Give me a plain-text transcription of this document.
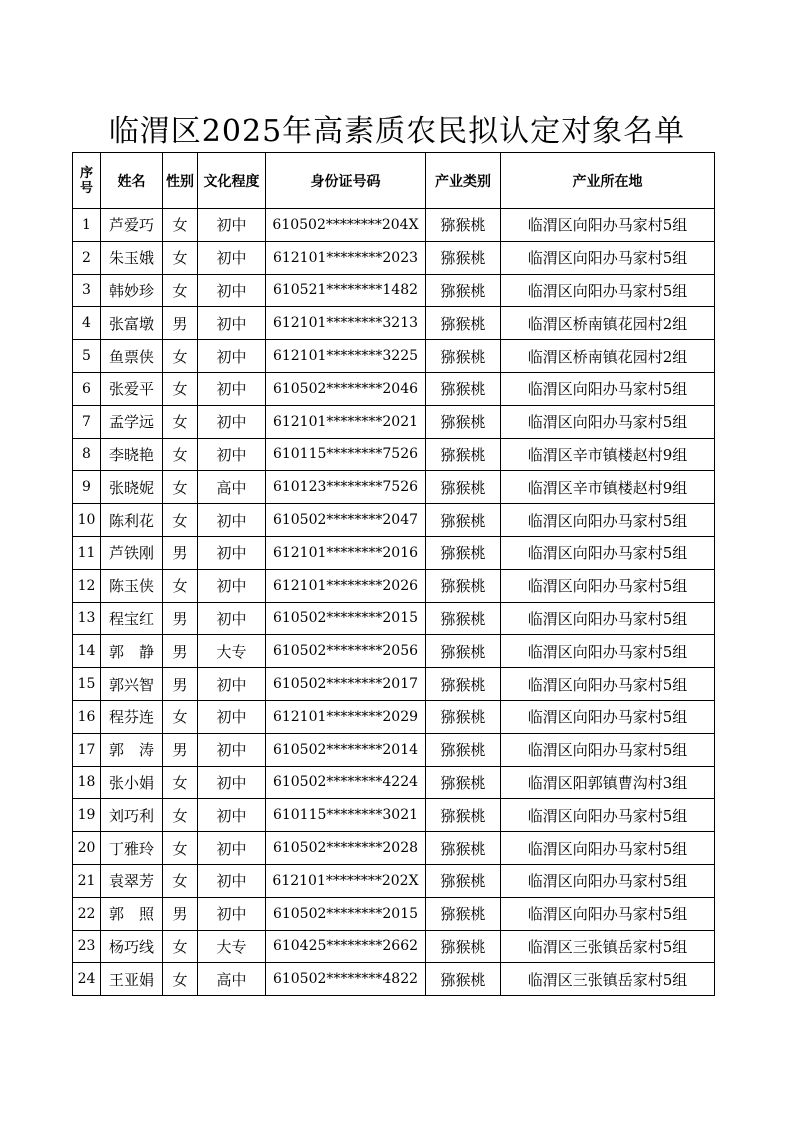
临渭区2025年高素质农民拟认定对象名单
序
号	姓名	性别	文化程度	身份证号码	产业类别	产业所在地
1	芦爱巧	女	初中	610502********204X	猕猴桃	临渭区向阳办马家村5组
2	朱玉娥	女	初中	612101********2023	猕猴桃	临渭区向阳办马家村5组
3	韩妙珍	女	初中	610521********1482	猕猴桃	临渭区向阳办马家村5组
4	张富墩	男	初中	612101********3213	猕猴桃	临渭区桥南镇花园村2组
5	鱼票侠	女	初中	612101********3225	猕猴桃	临渭区桥南镇花园村2组
6	张爱平	女	初中	610502********2046	猕猴桃	临渭区向阳办马家村5组
7	孟学远	女	初中	612101********2021	猕猴桃	临渭区向阳办马家村5组
8	李晓艳	女	初中	610115********7526	猕猴桃	临渭区辛市镇楼赵村9组
9	张晓妮	女	高中	610123********7526	猕猴桃	临渭区辛市镇楼赵村9组
10	陈利花	女	初中	610502********2047	猕猴桃	临渭区向阳办马家村5组
11	芦铁刚	男	初中	612101********2016	猕猴桃	临渭区向阳办马家村5组
12	陈玉侠	女	初中	612101********2026	猕猴桃	临渭区向阳办马家村5组
13	程宝红	男	初中	610502********2015	猕猴桃	临渭区向阳办马家村5组
14	郭　静	男	大专	610502********2056	猕猴桃	临渭区向阳办马家村5组
15	郭兴智	男	初中	610502********2017	猕猴桃	临渭区向阳办马家村5组
16	程芬连	女	初中	612101********2029	猕猴桃	临渭区向阳办马家村5组
17	郭　涛	男	初中	610502********2014	猕猴桃	临渭区向阳办马家村5组
18	张小娟	女	初中	610502********4224	猕猴桃	临渭区阳郭镇曹沟村3组
19	刘巧利	女	初中	610115********3021	猕猴桃	临渭区向阳办马家村5组
20	丁雅玲	女	初中	610502********2028	猕猴桃	临渭区向阳办马家村5组
21	袁翠芳	女	初中	612101********202X	猕猴桃	临渭区向阳办马家村5组
22	郭　照	男	初中	610502********2015	猕猴桃	临渭区向阳办马家村5组
23	杨巧线	女	大专	610425********2662	猕猴桃	临渭区三张镇岳家村5组
24	王亚娟	女	高中	610502********4822	猕猴桃	临渭区三张镇岳家村5组
